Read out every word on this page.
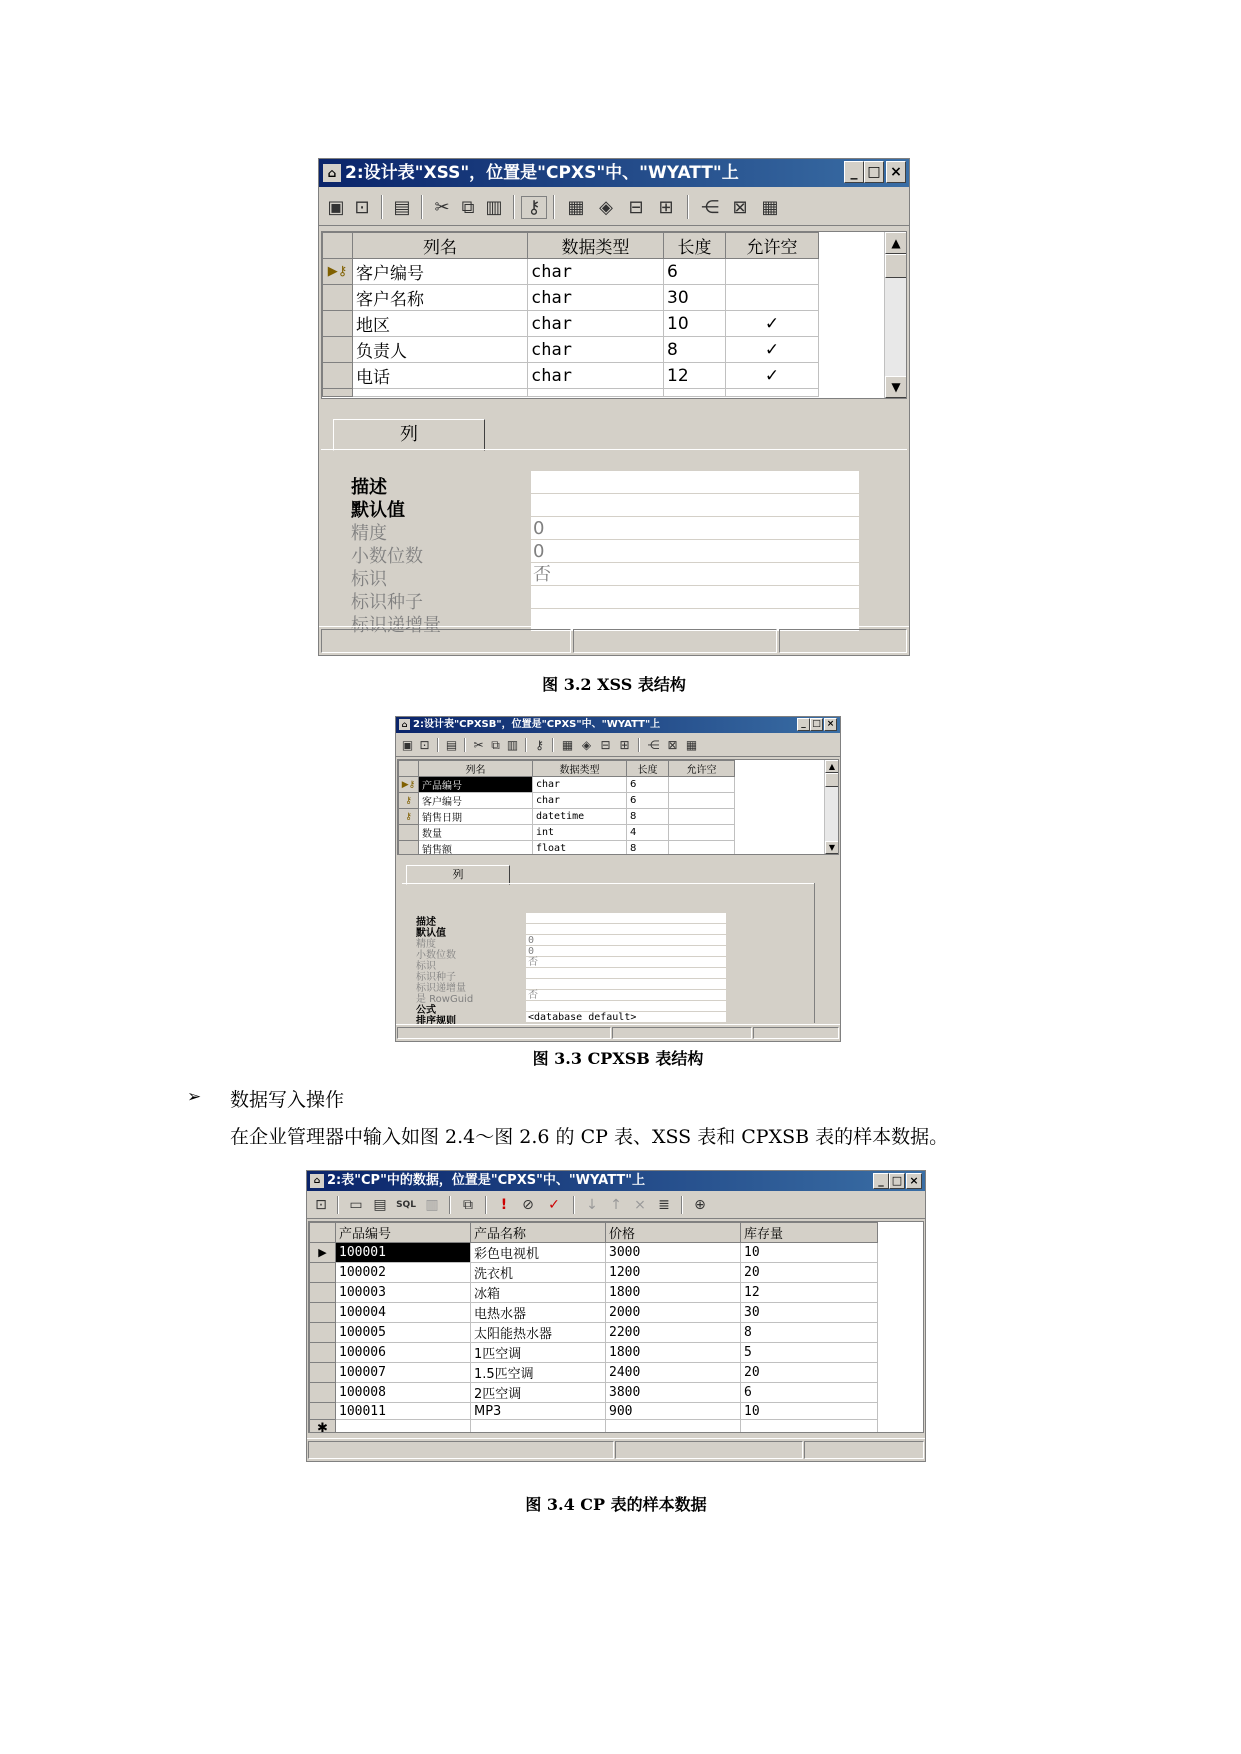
⌂ 2:设计表"XSS"，位置是"CPXS"中、"WYATT"上	_ □ ×
▣ ⊡	▤	✂ ⧉ ▥	⚷	▦ ◈ ⊟ ⊞	⋲ ⊠ ▦
	列名	数据类型	长度	允许空
▶⚷	客户编号	char	6	
	客户名称	char	30	
	地区	char	10	✓
	负责人	char	8	✓
	电话	char	12	✓

▲
▼
列
描述
默认值
精度	0
小数位数	0
标识	否
标识种子
标识递增量
图 3.2 XSS 表结构
⌂ 2:设计表"CPXSB"，位置是"CPXS"中、"WYATT"上	_ □ ×
▣ ⊡ ▤ ✂ ⧉ ▥	⚷	▦ ◈ ⊟ ⊞	⋲ ⊠ ▦
	列名	数据类型	长度	允许空
▶⚷	产品编号	char	6	
⚷	客户编号	char	6	
⚷	销售日期	datetime	8	
	数量	int	4	
	销售额	float	8	

▲
▼
列
描述
默认值
精度	0
小数位数	0
标识	否
标识种子
标识递增量
是 RowGuid	否
公式
排序规则	<database default>
图 3.3 CPXSB 表结构
➢ 数据写入操作
在企业管理器中输入如图 2.4～图 2.6 的 CP 表、XSS 表和 CPXSB 表的样本数据。
⌂ 2:表"CP"中的数据，位置是"CPXS"中、"WYATT"上	_ □ ×
⊡	▭ ▤	SQL ▥	⧉	!	⊘	✓	↓ ↑ ⨯ ≣	⊕
	产品编号	产品名称	价格	库存量
▶	100001	彩色电视机	3000	10
	100002	洗衣机	1200	20
	100003	冰箱	1800	12
	100004	电热水器	2000	30
	100005	太阳能热水器	2200	8
	100006	1匹空调	1800	5
	100007	1.5匹空调	2400	20
	100008	2匹空调	3800	6
	100011	MP3	900	10
✱				
图 3.4 CP 表的样本数据
